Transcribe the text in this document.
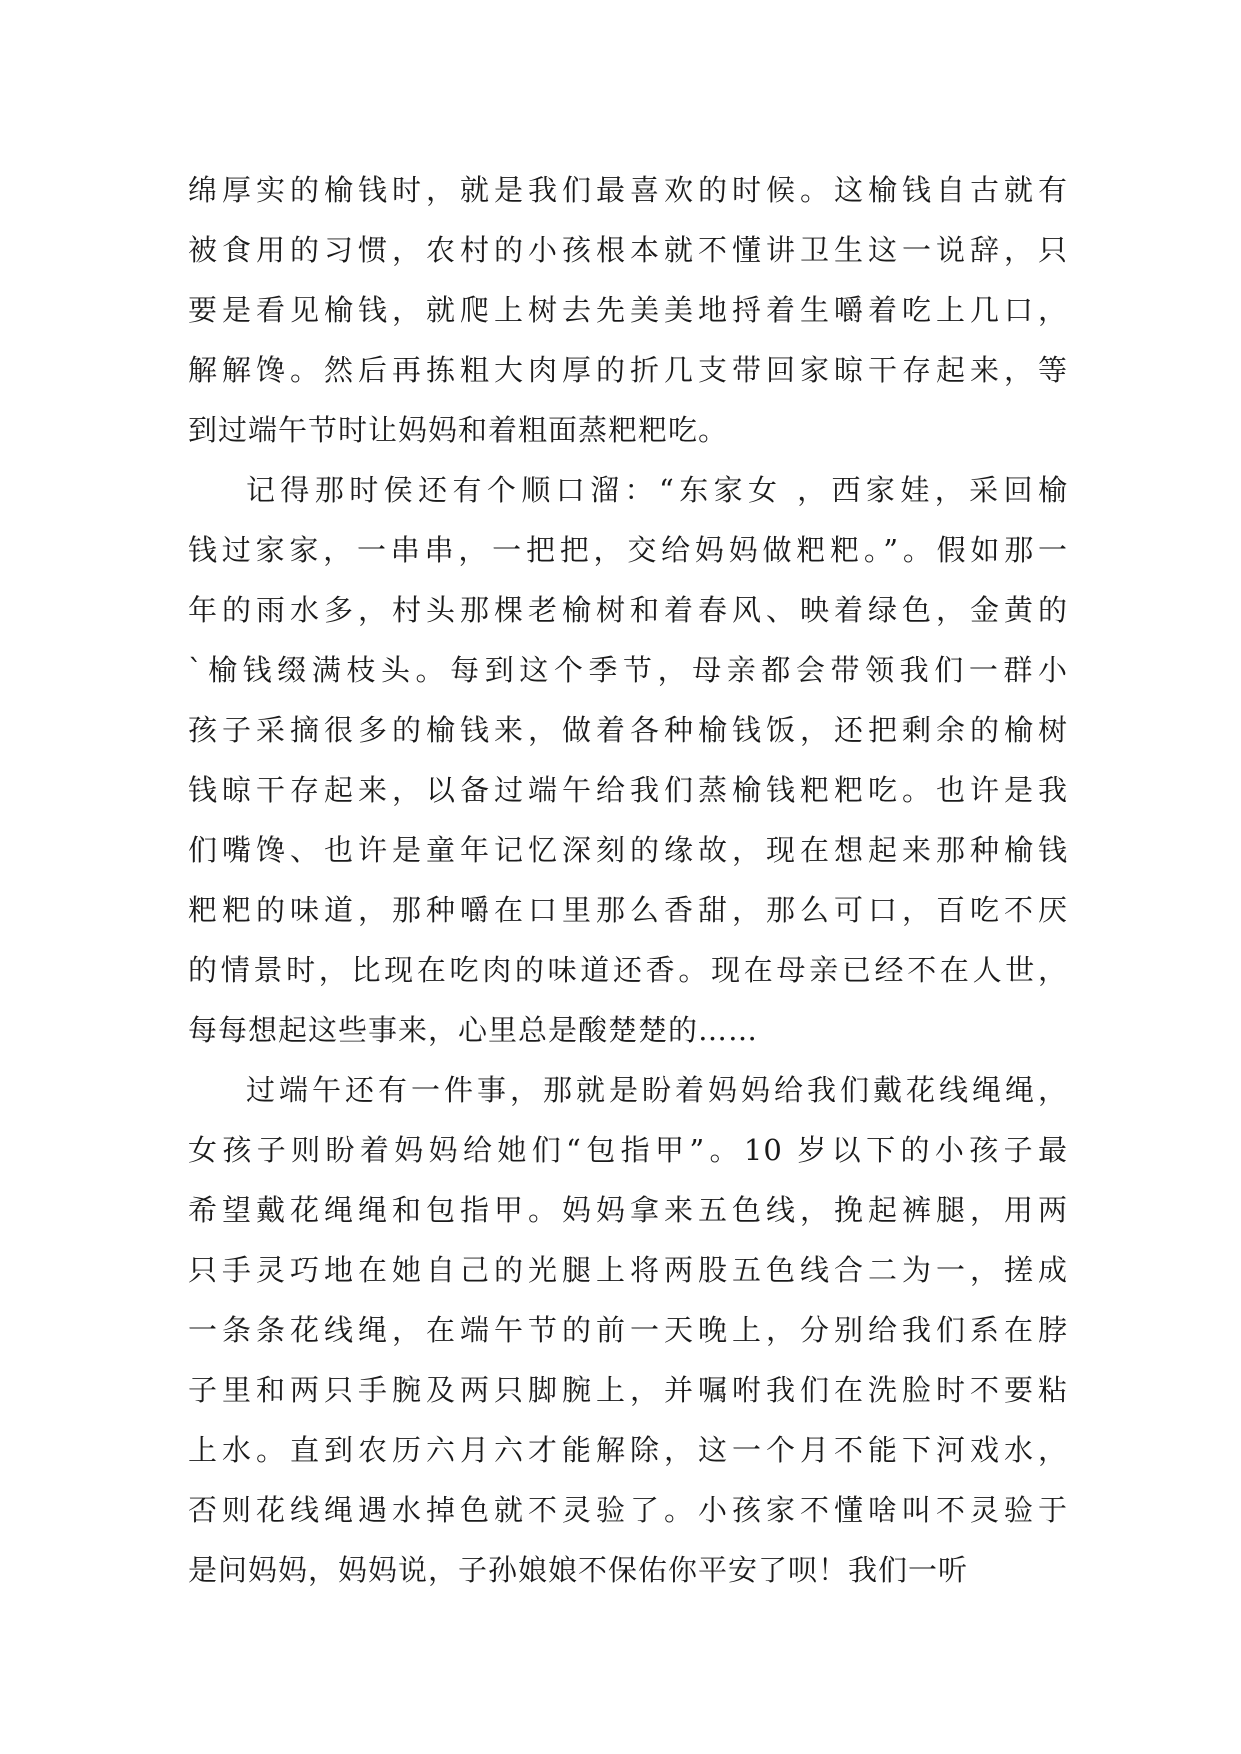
绵厚实的榆钱时，就是我们最喜欢的时候。这榆钱自古就有
被食用的习惯，农村的小孩根本就不懂讲卫生这一说辞，只
要是看见榆钱，就爬上树去先美美地捋着生嚼着吃上几口，
解解馋。然后再拣粗大肉厚的折几支带回家晾干存起来，等
到过端午节时让妈妈和着粗面蒸粑粑吃。
记得那时侯还有个顺口溜：“东家女 ，西家娃，采回榆
钱过家家，一串串，一把把，交给妈妈做粑粑。”。假如那一
年的雨水多，村头那棵老榆树和着春风、映着绿色，金黄的
`榆钱缀满枝头。每到这个季节，母亲都会带领我们一群小
孩子采摘很多的榆钱来，做着各种榆钱饭，还把剩余的榆树
钱晾干存起来，以备过端午给我们蒸榆钱粑粑吃。也许是我
们嘴馋、也许是童年记忆深刻的缘故，现在想起来那种榆钱
粑粑的味道，那种嚼在口里那么香甜，那么可口，百吃不厌
的情景时，比现在吃肉的味道还香。现在母亲已经不在人世，
每每想起这些事来，心里总是酸楚楚的……
过端午还有一件事，那就是盼着妈妈给我们戴花线绳绳，
女孩子则盼着妈妈给她们“包指甲”。10 岁以下的小孩子最
希望戴花绳绳和包指甲。妈妈拿来五色线，挽起裤腿，用两
只手灵巧地在她自己的光腿上将两股五色线合二为一，搓成
一条条花线绳，在端午节的前一天晚上，分别给我们系在脖
子里和两只手腕及两只脚腕上，并嘱咐我们在洗脸时不要粘
上水。直到农历六月六才能解除，这一个月不能下河戏水，
否则花线绳遇水掉色就不灵验了。小孩家不懂啥叫不灵验于
是问妈妈，妈妈说，子孙娘娘不保佑你平安了呗！我们一听
